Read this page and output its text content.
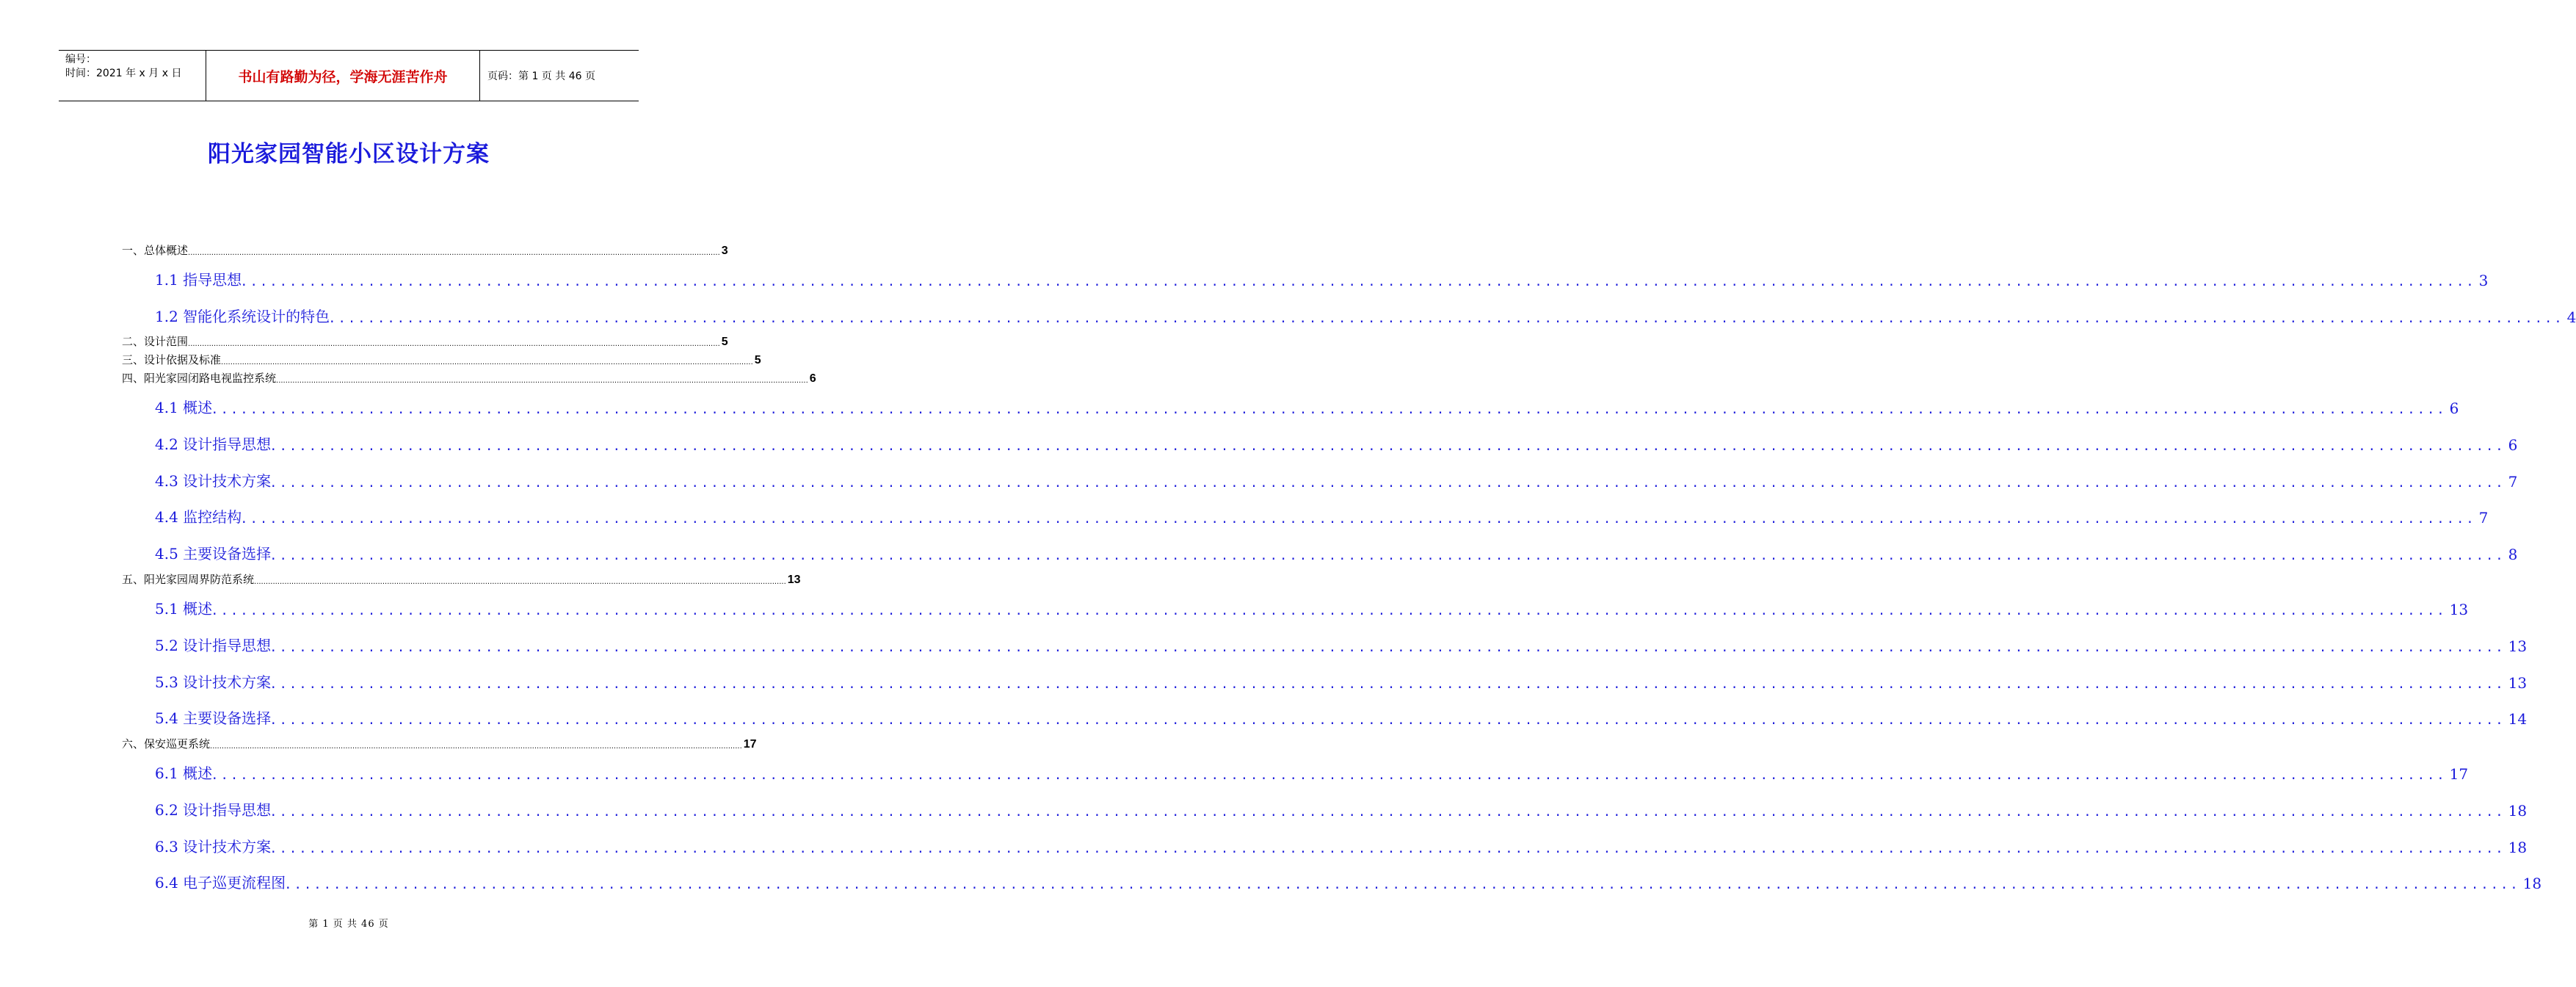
编号：
时间：2021 年 x 月 x 日	书山有路勤为径，学海无涯苦作舟	页码：第 1 页 共 46 页
阳光家园智能小区设计方案
一、总体概述 .................................................................................................................................................................................................................................... 3
1.1 指导思想 .................................................................................................................................................................................................................................... 3
1.2 智能化系统设计的特色 .................................................................................................................................................................................................................................... 4
二、设计范围 .................................................................................................................................................................................................................................... 5
三、设计依据及标准 .................................................................................................................................................................................................................................... 5
四、阳光家园闭路电视监控系统 .................................................................................................................................................................................................................................... 6
4.1 概述 .................................................................................................................................................................................................................................... 6
4.2 设计指导思想 .................................................................................................................................................................................................................................... 6
4.3 设计技术方案 .................................................................................................................................................................................................................................... 7
4.4 监控结构 .................................................................................................................................................................................................................................... 7
4.5 主要设备选择 .................................................................................................................................................................................................................................... 8
五、阳光家园周界防范系统 .................................................................................................................................................................................................................................... 13
5.1 概述 .................................................................................................................................................................................................................................... 13
5.2 设计指导思想 .................................................................................................................................................................................................................................... 13
5.3 设计技术方案 .................................................................................................................................................................................................................................... 13
5.4 主要设备选择 .................................................................................................................................................................................................................................... 14
六、保安巡更系统 .................................................................................................................................................................................................................................... 17
6.1 概述 .................................................................................................................................................................................................................................... 17
6.2 设计指导思想 .................................................................................................................................................................................................................................... 18
6.3 设计技术方案 .................................................................................................................................................................................................................................... 18
6.4 电子巡更流程图 .................................................................................................................................................................................................................................... 18
第 1 页 共 46 页
